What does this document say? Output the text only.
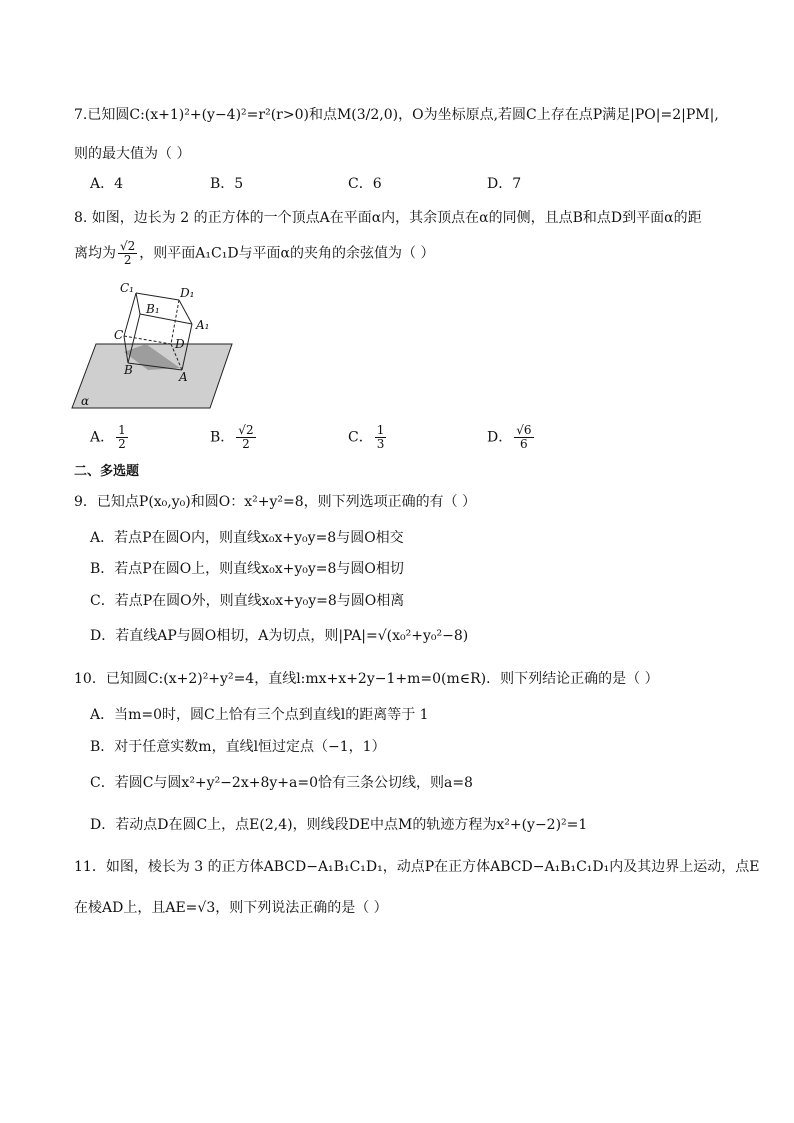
7.已知圆C:(x+1)²+(y−4)²=r²(r>0)和点M(3/2,0)，O为坐标原点,若圆C上存在点P满足|PO|=2|PM|,
则的最大值为（ ）
A．4	B．5	C．6	D．7
8. 如图，边长为 2 的正方体的一个顶点A在平面α内，其余顶点在α的同侧，且点B和点D到平面α的距
离均为 $\frac{√2}{2}$ ，则平面A₁C₁D与平面α的夹角的余弦值为（ ）
C₁	D₁
B₁
A₁
C
D
B	A
α
A． $\frac{1}{2}$	B． $\frac{√2}{2}$	C． $\frac{1}{3}$	D． $\frac{√6}{6}$
二、多选题
9．已知点P(x₀,y₀)和圆O：x²+y²=8，则下列选项正确的有（ ）
A．若点P在圆O内，则直线x₀x+y₀y=8与圆O相交
B．若点P在圆O上，则直线x₀x+y₀y=8与圆O相切
C．若点P在圆O外，则直线x₀x+y₀y=8与圆O相离
D．若直线AP与圆O相切，A为切点，则|PA|=√(x₀²+y₀²−8)
10．已知圆C:(x+2)²+y²=4，直线l:mx+x+2y−1+m=0(m∈R)．则下列结论正确的是（ ）
A．当m=0时，圆C上恰有三个点到直线l的距离等于 1
B．对于任意实数m，直线l恒过定点（−1，1）
C．若圆C与圆x²+y²−2x+8y+a=0恰有三条公切线，则a=8
D．若动点D在圆C上，点E(2,4)，则线段DE中点M的轨迹方程为x²+(y−2)²=1
11．如图，棱长为 3 的正方体ABCD−A₁B₁C₁D₁，动点P在正方体ABCD−A₁B₁C₁D₁内及其边界上运动，点E
在棱AD上，且AE=√3，则下列说法正确的是（ ）
